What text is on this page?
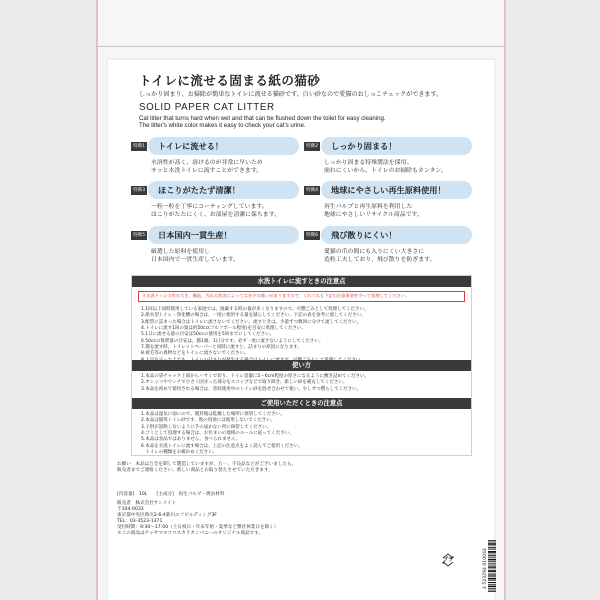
トイレに流せる固まる紙の猫砂
しっかり固まり、お掃除が簡単なトイレに流せる猫砂です。白い砂なので愛猫のおしっこチェックができます。
SOLID PAPER CAT LITTER
Cat litter that turns hard when wet and that can be flushed down the toilet for easy cleaning.
The litter's white color makes it easy to check your cat's urine.
特徴1	トイレに流せる！
水溶性が高く、溶けるのが非常に早いため
サッと水洗トイレに流すことができます。
特徴2	しっかり固まる！
しっかり固まる特殊製法を採用。
崩れにくいから、トイレのお掃除もカンタン。
特徴3	ほこりがたたず清潔！
一粒一粒を丁寧にコーティングしています。
ほこりがたたにくく、お部屋を清潔に保ちます。
特徴4	地球にやさしい再生原料使用！
再生パルプと再生原料を利用した
地球にやさしいリサイクル商品です。
特徴5	日本国内一貫生産！
厳選した原料を使用し
日本国内で一貫生産しています。
特徴6	飛び散りにくい！
愛猫の爪の間にも入りにくい大きさに
造粒工夫しており、飛び散りを防ぎます。
水洗トイレに流すときの注意点
＊水洗トイレの形の大き、構造、汚れの状況によっては多少の違いがありますので、くれぐれも下記の注意事項を守って処理してください。
1.1回以上同時使用している家庭では、廃棄する時の量が多くなりますので、可燃ごみとして処理してください。
2.節水型トイレ・浄化槽の場合は、一度に使用する量を減らしてください。下記の表を参考に流してください。
3.配管に詰まった場合はトイレに流さないでください。流すときは、少量ずつ数回に分けて流してください。
4.トイレに流す1回の量は約50cc(ゴルフボール程度)を目安に処理してください。
5.1日に流せる量の目安は50ccの使用を5回までにしてください。
6.50ccの排泄量の目安は、猫1頭、1日分です。必ず一度に流さないようにしてください。
7.猫を流す時、トイレットペーパーと同時に流すと、詰まりの原因になります。
8.被毛等の異物などをトイレに流さないでください。
使い方
1.本品の袋チャック上部からハサミで切り、トイレ容器に5〜6cm程度の厚さになるように敷き詰めてください。
2.オシッコやウンチで小さく固まった部分をスコップなどで取り除き、新しい砂を補充してください。
3.本品を初めて使用される場合は、普段使用中のトイレ砂を混ぜ合わせて使い、少しずつ慣らしてください。
ご使用いただくときの注意点
1.本品は湿気に弱いので、開封後は乾燥した場所に保管してください。
2.本品は猫用トイレ砂です。他の用途には使用しないでください。
3.子供が誤飲しないように手の届かない所に保管してください。
4.ゴミとして処理する場合は、お住まいの地域のルールに従ってください。
5.本品は食品ではありません。食べられません。
6.本品を水洗トイレに流す場合は、上記の注意点をよく読んでご使用ください。
　トイレの種類をお確かめください。
お願い　本品は万全を期して製造していますが、万一、不良品などがございましたら、
販売者までご連絡ください。新しい商品とお取り替えさせていただきます。
[内容量]　10L　　[主成分]　再生パルプ・吸虫材料
販売者　株式会社サンメイト
〒104-0033
東京都中央区新川2-6-4新川エフビルディング3F
TEL：03-3523-1371
受付時間：9:30〜17:00（土日祝日・年末年始・夏季など弊社休業日を除く）
＊この商品はチャヤマヨココスカラカンパニーのオリジナル商品です。
プラ	4 523294 010044
